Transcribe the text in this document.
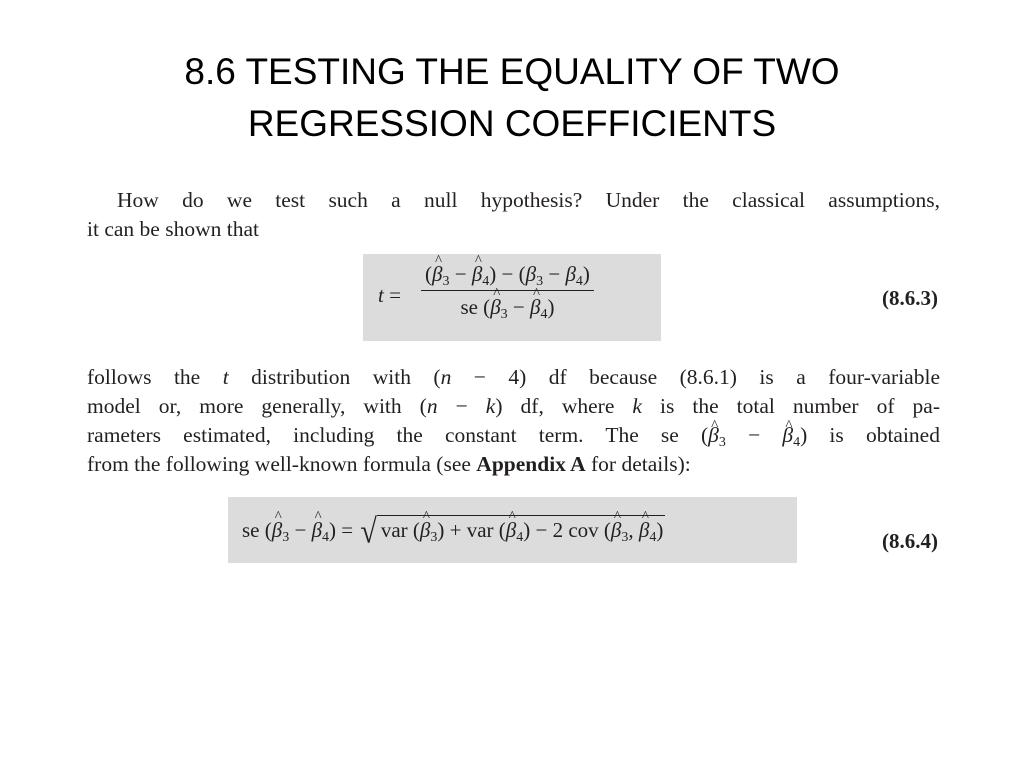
8.6 TESTING THE EQUALITY OF TWO
REGRESSION COEFFICIENTS
How do we test such a null hypothesis? Under the classical assumptions,
it can be shown that
$t = \frac{(\^{} \beta_3 - \^{} \beta_4) - (\beta_3 - \beta_4)}{se (\^{} \beta_3 - \^{} \beta_4)}$	(8.6.3)
follows the t distribution with (n − 4) df because (8.6.1) is a four-variable
model or, more generally, with (n − k) df, where k is the total number of pa-
rameters estimated, including the constant term. The se (^ $\beta_3$ − ^ $\beta_4$) is obtained
from the following well-known formula (see Appendix A for details):
se (^ $\beta_3$ − ^ $\beta_4$) = √ var (^ $\beta_3$) + var (^ $\beta_4) - 2$ cov (^ $\beta_3$, ^ $\beta_4$)	(8.6.4)
